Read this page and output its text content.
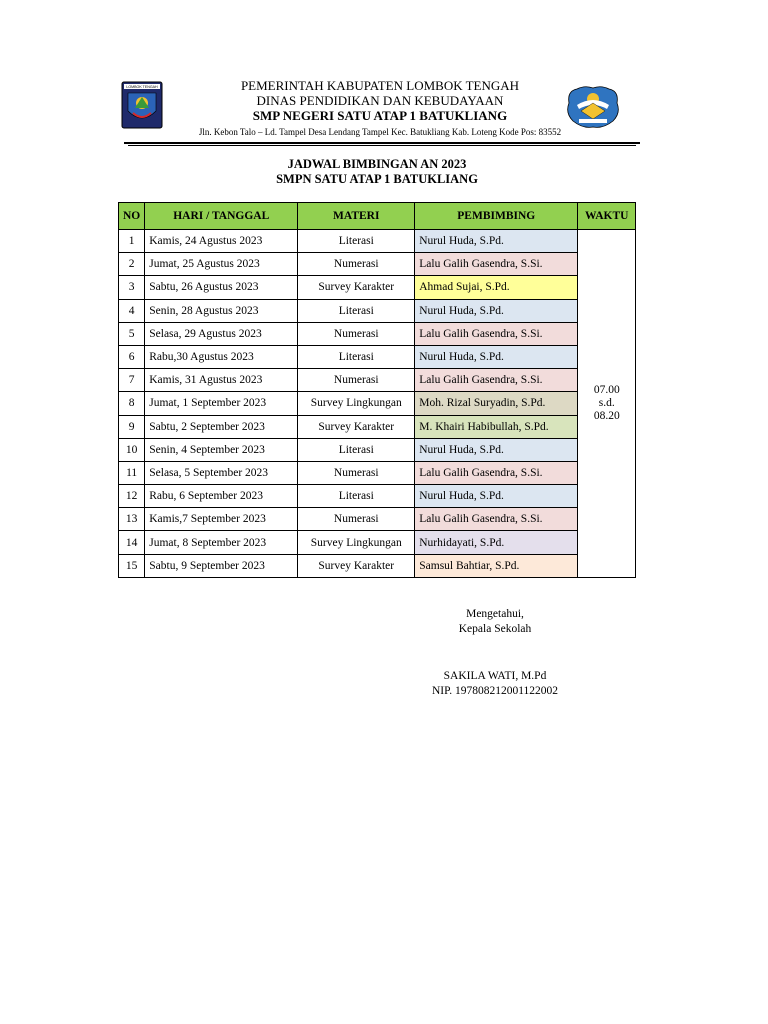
LOMBOK TENGAH	PEMERINTAH KABUPATEN LOMBOK TENGAH
DINAS PENDIDIKAN DAN KEBUDAYAAN
SMP NEGERI SATU ATAP 1 BATUKLIANG
Jln. Kebon Talo – Ld. Tampel Desa Lendang Tampel Kec. Batukliang Kab. Loteng Kode Pos: 83552
JADWAL BIMBINGAN AN 2023
SMPN SATU ATAP 1 BATUKLIANG
NO	HARI / TANGGAL	MATERI	PEMBIMBING	WAKTU
1	Kamis, 24 Agustus 2023	Literasi	Nurul Huda, S.Pd.	07.00
s.d.
08.20

2	Jumat, 25 Agustus 2023	Numerasi	Lalu Galih Gasendra, S.Si.	
3	Sabtu, 26 Agustus 2023	Survey Karakter	Ahmad Sujai, S.Pd.	
4	Senin, 28 Agustus 2023	Literasi	Nurul Huda, S.Pd.	
5	Selasa, 29 Agustus 2023	Numerasi	Lalu Galih Gasendra, S.Si.	
6	Rabu,30 Agustus 2023	Literasi	Nurul Huda, S.Pd.	
7	Kamis, 31 Agustus 2023	Numerasi	Lalu Galih Gasendra, S.Si.	
8	Jumat, 1 September 2023	Survey Lingkungan	Moh. Rizal Suryadin, S.Pd.	
9	Sabtu, 2 September 2023	Survey Karakter	M. Khairi Habibullah, S.Pd.	
10	Senin, 4 September 2023	Literasi	Nurul Huda, S.Pd.	
11	Selasa, 5 September 2023	Numerasi	Lalu Galih Gasendra, S.Si.	
12	Rabu, 6 September 2023	Literasi	Nurul Huda, S.Pd.	
13	Kamis,7 September 2023	Numerasi	Lalu Galih Gasendra, S.Si.	
14	Jumat, 8 September 2023	Survey Lingkungan	Nurhidayati, S.Pd.	
15	Sabtu, 9 September 2023	Survey Karakter	Samsul Bahtiar, S.Pd.	
Mengetahui,
Kepala Sekolah
SAKILA WATI, M.Pd
NIP. 197808212001122002
